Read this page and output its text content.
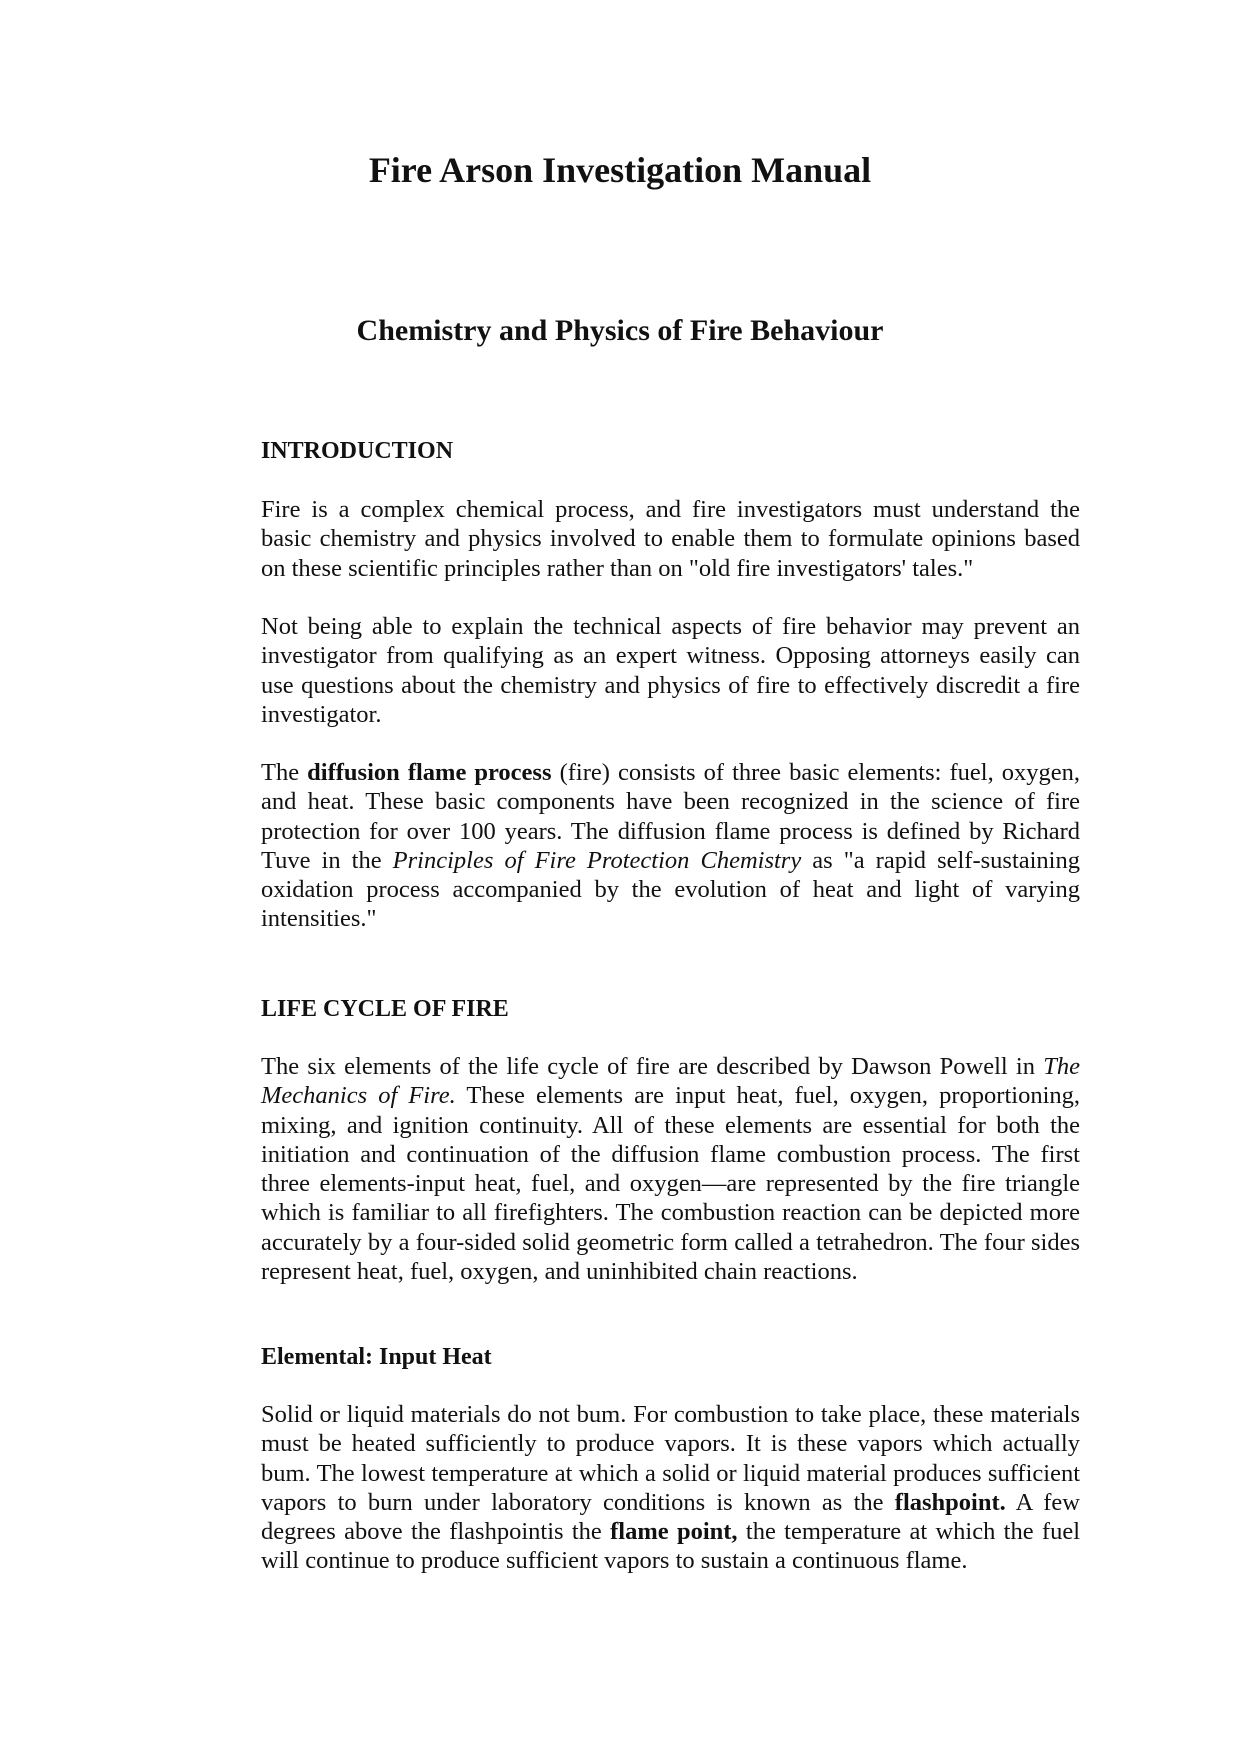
Fire Arson Investigation Manual
Chemistry and Physics of Fire Behaviour
INTRODUCTION

Fire is a complex chemical process, and fire investigators must understand the basic chemistry and physics involved to enable them to formulate opinions based on these scientific principles rather than on "old fire investigators' tales."

Not being able to explain the technical aspects of fire behavior may prevent an investigator from qualifying as an expert witness. Opposing attorneys easily can use questions about the chemistry and physics of fire to effectively discredit a fire investigator.

The diffusion flame process (fire) consists of three basic elements: fuel, oxygen, and heat. These basic components have been recognized in the science of fire protection for over 100 years. The diffusion flame process is defined by Richard Tuve in the Principles of Fire Protection Chemistry as "a rapid self-sustaining oxidation process accompanied by the evolution of heat and light of varying intensities."

LIFE CYCLE OF FIRE

The six elements of the life cycle of fire are described by Dawson Powell in The Mechanics of Fire. These elements are input heat, fuel, oxygen, proportioning, mixing, and ignition continuity. All of these elements are essential for both the initiation and continuation of the diffusion flame combustion process. The first three elements-input heat, fuel, and oxygen—are represented by the fire triangle which is familiar to all firefighters. The combustion reaction can be depicted more accurately by a four-sided solid geometric form called a tetrahedron. The four sides represent heat, fuel, oxygen, and uninhibited chain reactions.

Elemental: Input Heat

Solid or liquid materials do not bum. For combustion to take place, these materials must be heated sufficiently to produce vapors. It is these vapors which actually bum. The lowest temperature at which a solid or liquid material produces sufficient vapors to burn under laboratory conditions is known as the flashpoint. A few degrees above the flashpointis the flame point, the temperature at which the fuel will continue to produce sufficient vapors to sustain a continuous flame.
